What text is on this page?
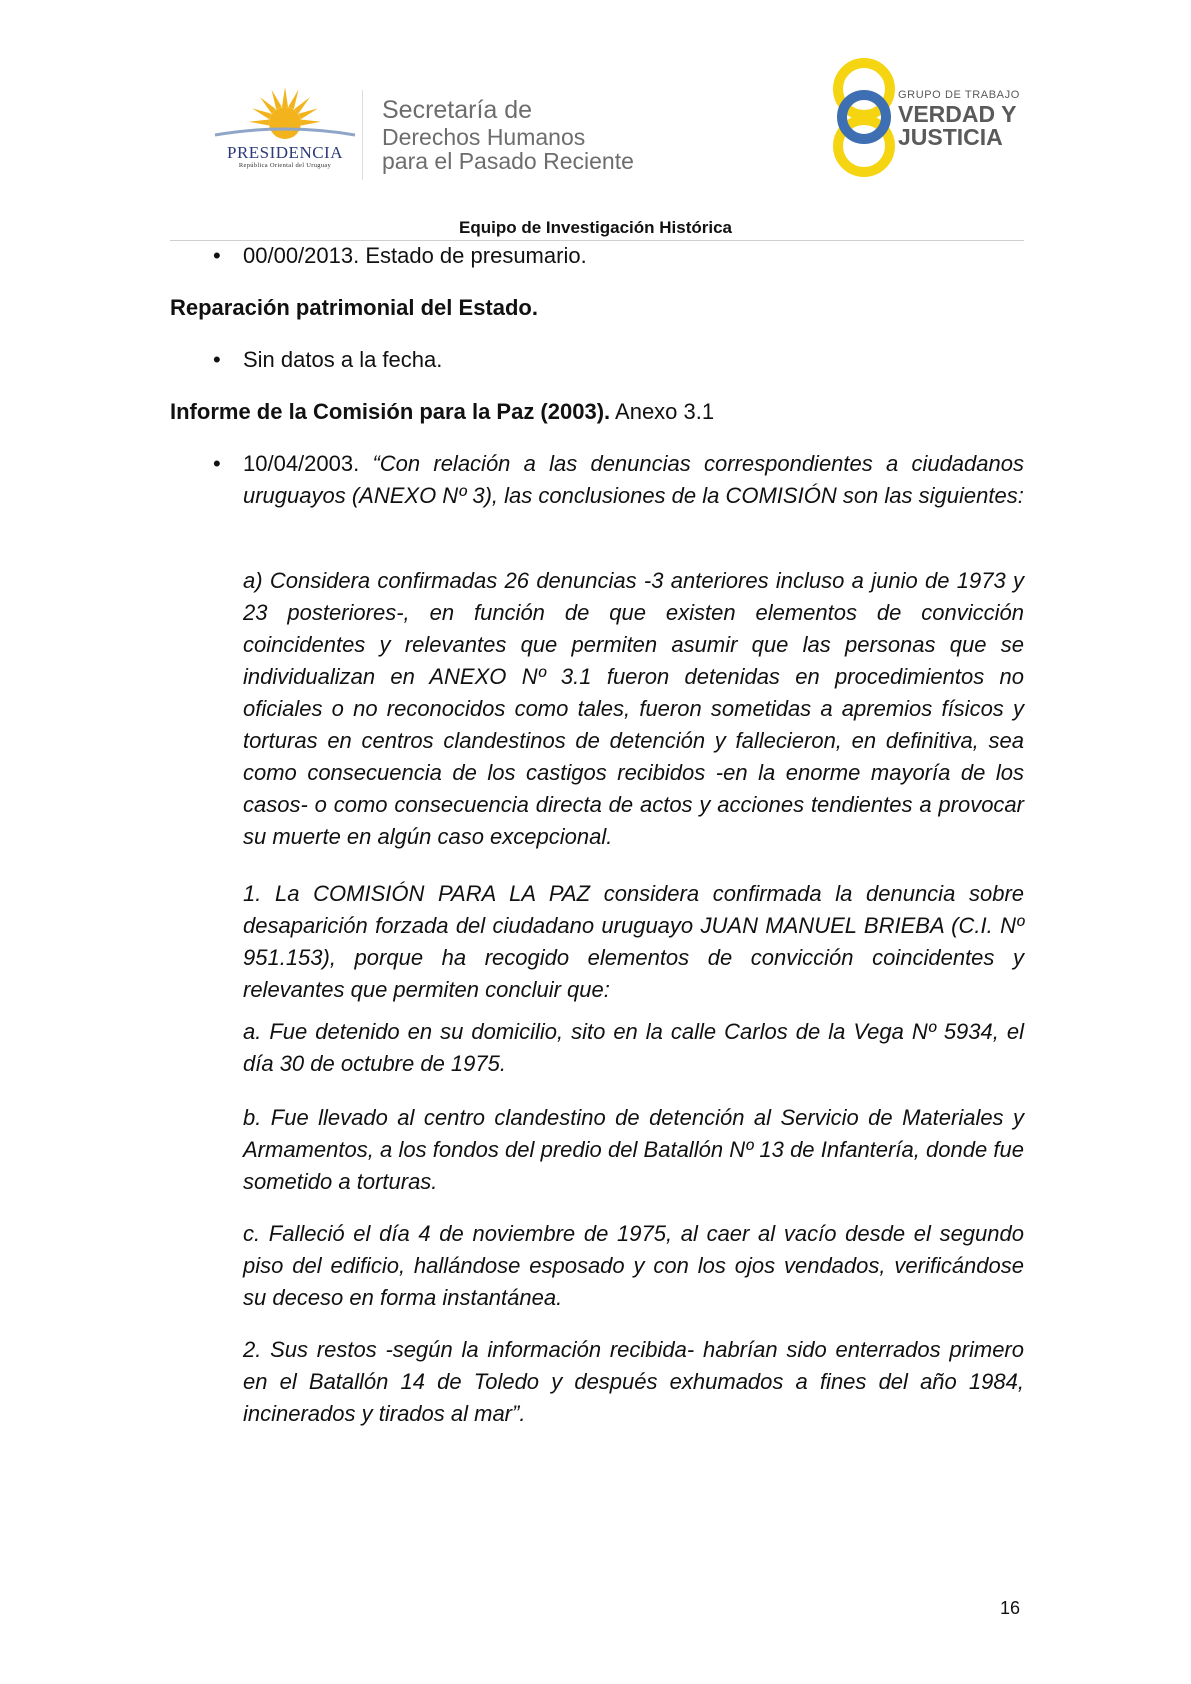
PRESIDENCIA
República Oriental del Uruguay
Secretaría de
Derechos Humanos
para el Pasado Reciente
GRUPO DE TRABAJO
VERDAD Y
JUSTICIA
Equipo de Investigación Histórica
• 00/00/2013. Estado de presumario.
Reparación patrimonial del Estado.
• Sin datos a la fecha.
Informe de la Comisión para la Paz (2003). Anexo 3.1
• 10/04/2003. “Con relación a las denuncias correspondientes a ciudadanos uruguayos (ANEXO Nº 3), las conclusiones de la COMISIÓN son las siguientes:
a) Considera confirmadas 26 denuncias -3 anteriores incluso a junio de 1973 y 23 posteriores-, en función de que existen elementos de convicción coincidentes y relevantes que permiten asumir que las personas que se individualizan en ANEXO Nº 3.1 fueron detenidas en procedimientos no oficiales o no reconocidos como tales, fueron sometidas a apremios físicos y torturas en centros clandestinos de detención y fallecieron, en definitiva, sea como consecuencia de los castigos recibidos -en la enorme mayoría de los casos- o como consecuencia directa de actos y acciones tendientes a provocar su muerte en algún caso excepcional.
1. La COMISIÓN PARA LA PAZ considera confirmada la denuncia sobre desaparición forzada del ciudadano uruguayo JUAN MANUEL BRIEBA (C.I. Nº 951.153), porque ha recogido elementos de convicción coincidentes y relevantes que permiten concluir que:
a. Fue detenido en su domicilio, sito en la calle Carlos de la Vega Nº 5934, el día 30 de octubre de 1975.
b. Fue llevado al centro clandestino de detención al Servicio de Materiales y Armamentos, a los fondos del predio del Batallón Nº 13 de Infantería, donde fue sometido a torturas.
c. Falleció el día 4 de noviembre de 1975, al caer al vacío desde el segundo piso del edificio, hallándose esposado y con los ojos vendados, verificándose su deceso en forma instantánea.
2. Sus restos -según la información recibida- habrían sido enterrados primero en el Batallón 14 de Toledo y después exhumados a fines del año 1984, incinerados y tirados al mar”.
16
